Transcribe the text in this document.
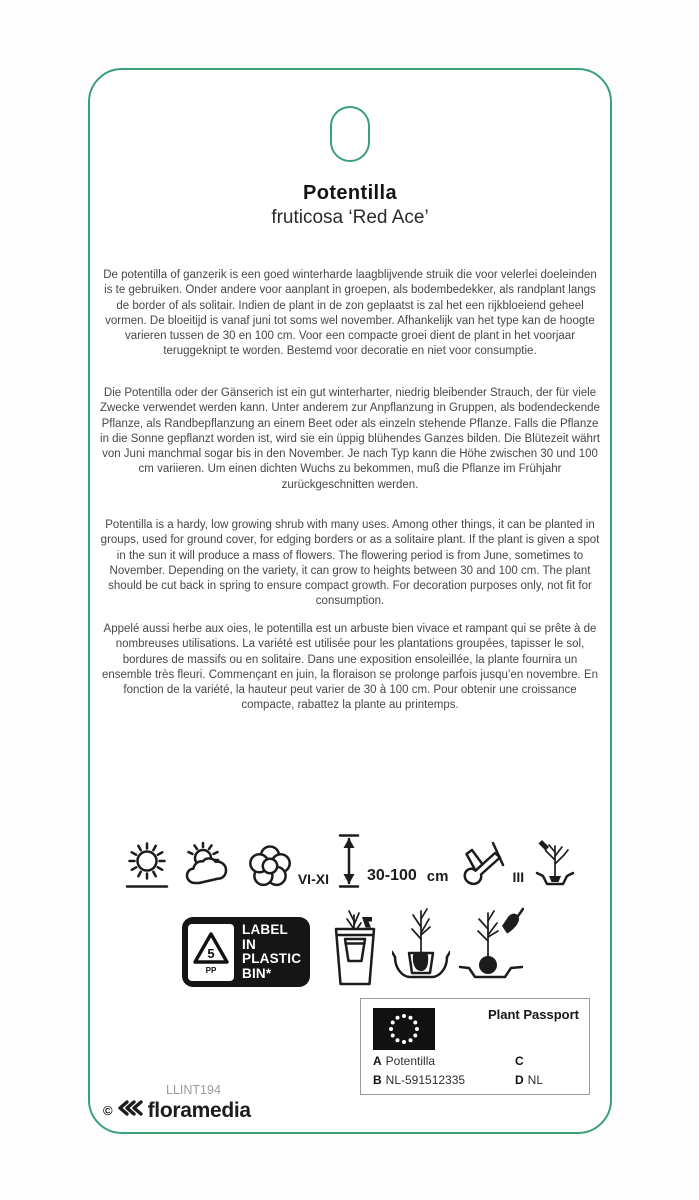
Potentilla
fruticosa ‘Red Ace’

De potentilla of ganzerik is een goed winterharde laagblijvende struik die voor velerlei doeleinden is te gebruiken. Onder andere voor aanplant in groepen, als bodembedekker, als randplant langs de border of als solitair. Indien de plant in de zon geplaatst is zal het een rijkbloeiend geheel vormen. De bloeitijd is vanaf juni tot soms wel november. Afhankelijk van het type kan de hoogte varieren tussen de 30 en 100 cm. Voor een compacte groei dient de plant in het voorjaar teruggeknipt te worden. Bestemd voor decoratie en niet voor consumptie.

Die Potentilla oder der Gänserich ist ein gut winterharter, niedrig bleibender Strauch, der für viele Zwecke verwendet werden kann. Unter anderem zur Anpflanzung in Gruppen, als bodendeckende Pflanze, als Randbepflanzung an einem Beet oder als einzeln stehende Pflanze. Falls die Pflanze in die Sonne gepflanzt worden ist, wird sie ein üppig blühendes Ganzes bilden. Die Blütezeit währt von Juni manchmal sogar bis in den November. Je nach Typ kann die Höhe zwischen 30 und 100 cm variieren. Um einen dichten Wuchs zu bekommen, muß die Pflanze im Frühjahr zurückgeschnitten werden.

Potentilla is a hardy, low growing shrub with many uses. Among other things, it can be planted in groups, used for ground cover, for edging borders or as a solitaire plant. If the plant is given a spot in the sun it will produce a mass of flowers. The flowering period is from June, sometimes to November. Depending on the variety, it can grow to heights between 30 and 100 cm. The plant should be cut back in spring to ensure compact growth. For decoration purposes only, not fit for consumption.

Appelé aussi herbe aux oies, le potentilla est un arbuste bien vivace et rampant qui se prête à de nombreuses utilisations. La variété est utilisée pour les plantations groupées, tapisser le sol, bordures de massifs ou en solitaire. Dans une exposition ensoleillée, la plante fournira un ensemble très fleuri. Commençant en juin, la floraison se prolonge parfois jusqu’en novembre. En fonction de la variété, la hauteur peut varier de 30 à 100 cm. Pour obtenir une croissance compacte, rabattez la plante au printemps.

VI-XI 30-100 cm	III
5
PP
LABEL IN
PLASTIC
BIN*
Plant Passport
A Potentilla	C
B NL-591512335	D NL
LLINT194
© floramedia
